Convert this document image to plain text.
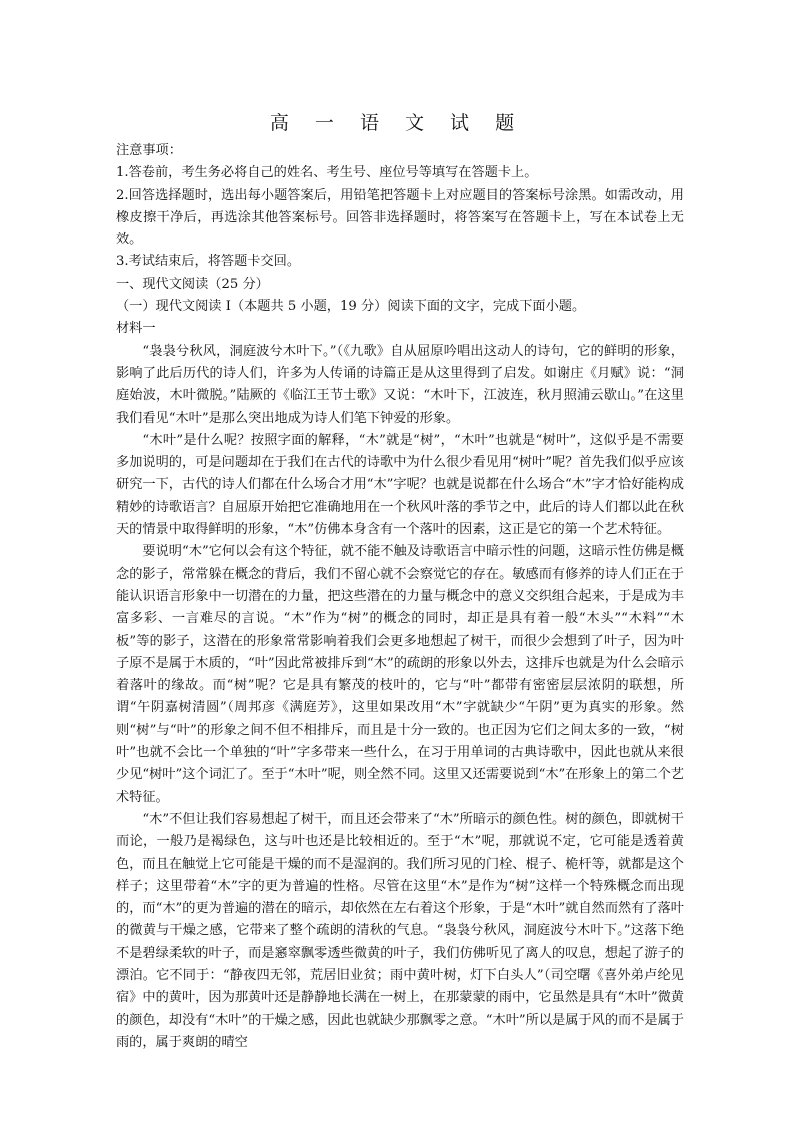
高 一 语 文 试 题

注意事项：

1.答卷前，考生务必将自己的姓名、考生号、座位号等填写在答题卡上。

2.回答选择题时，选出每小题答案后，用铅笔把答题卡上对应题目的答案标号涂黑。如需改动，用橡皮擦干净后，再选涂其他答案标号。回答非选择题时，将答案写在答题卡上，写在本试卷上无效。

3.考试结束后，将答题卡交回。

一、现代文阅读（25 分）

（一）现代文阅读 I（本题共 5 小题，19 分）阅读下面的文字，完成下面小题。

材料一

“袅袅兮秋风，洞庭波兮木叶下。”（《九歌》自从屈原吟唱出这动人的诗句，它的鲜明的形象，影响了此后历代的诗人们，许多为人传诵的诗篇正是从这里得到了启发。如谢庄《月赋》说：“洞庭始波，木叶微脱。”陆厥的《临江王节士歌》又说：“木叶下，江波连，秋月照浦云歇山。”在这里我们看见“木叶”是那么突出地成为诗人们笔下钟爱的形象。

“木叶”是什么呢？按照字面的解释，“木”就是“树”，“木叶”也就是“树叶”，这似乎是不需要多加说明的，可是问题却在于我们在古代的诗歌中为什么很少看见用“树叶”呢？首先我们似乎应该研究一下，古代的诗人们都在什么场合才用“木”字呢？也就是说都在什么场合“木”字才恰好能构成精妙的诗歌语言？自屈原开始把它准确地用在一个秋风叶落的季节之中，此后的诗人们都以此在秋天的情景中取得鲜明的形象，“木”仿佛本身含有一个落叶的因素，这正是它的第一个艺术特征。

要说明“木”它何以会有这个特征，就不能不触及诗歌语言中暗示性的问题，这暗示性仿佛是概念的影子，常常躲在概念的背后，我们不留心就不会察觉它的存在。敏感而有修养的诗人们正在于能认识语言形象中一切潜在的力量，把这些潜在的力量与概念中的意义交织组合起来，于是成为丰富多彩、一言难尽的言说。“木”作为“树”的概念的同时，却正是具有着一般“木头”“木料”“木板”等的影子，这潜在的形象常常影响着我们会更多地想起了树干，而很少会想到了叶子，因为叶子原不是属于木质的，“叶”因此常被排斥到“木”的疏朗的形象以外去，这排斥也就是为什么会暗示着落叶的缘故。而“树”呢？它是具有繁茂的枝叶的，它与“叶”都带有密密层层浓阴的联想，所谓“午阴嘉树清圆”（周邦彦《满庭芳》，这里如果改用“木”字就缺少“午阴”更为真实的形象。然则“树”与“叶”的形象之间不但不相排斥，而且是十分一致的。也正因为它们之间太多的一致，“树叶”也就不会比一个单独的“叶”字多带来一些什么，在习于用单词的古典诗歌中，因此也就从来很少见“树叶”这个词汇了。至于“木叶”呢，则全然不同。这里又还需要说到“木”在形象上的第二个艺术特征。

“木”不但让我们容易想起了树干，而且还会带来了“木”所暗示的颜色性。树的颜色，即就树干而论，一般乃是褐绿色，这与叶也还是比较相近的。至于“木”呢，那就说不定，它可能是透着黄色，而且在触觉上它可能是干燥的而不是湿润的。我们所习见的门栓、棍子、桅杆等，就都是这个样子；这里带着“木”字的更为普遍的性格。尽管在这里“木”是作为“树”这样一个特殊概念而出现的，而“木”的更为普遍的潜在的暗示，却依然在左右着这个形象，于是“木叶”就自然而然有了落叶的微黄与干燥之感，它带来了整个疏朗的清秋的气息。“袅袅兮秋风，洞庭波兮木叶下。”这落下绝不是碧绿柔软的叶子，而是窸窣飘零透些微黄的叶子，我们仿佛听见了离人的叹息，想起了游子的漂泊。它不同于：“静夜四无邻，荒居旧业贫；雨中黄叶树，灯下白头人”（司空曙《喜外弟卢纶见宿》中的黄叶，因为那黄叶还是静静地长满在一树上，在那蒙蒙的雨中，它虽然是具有“木叶”微黄的颜色，却没有“木叶”的干燥之感，因此也就缺少那飘零之意。“木叶”所以是属于风的而不是属于雨的，属于爽朗的晴空
